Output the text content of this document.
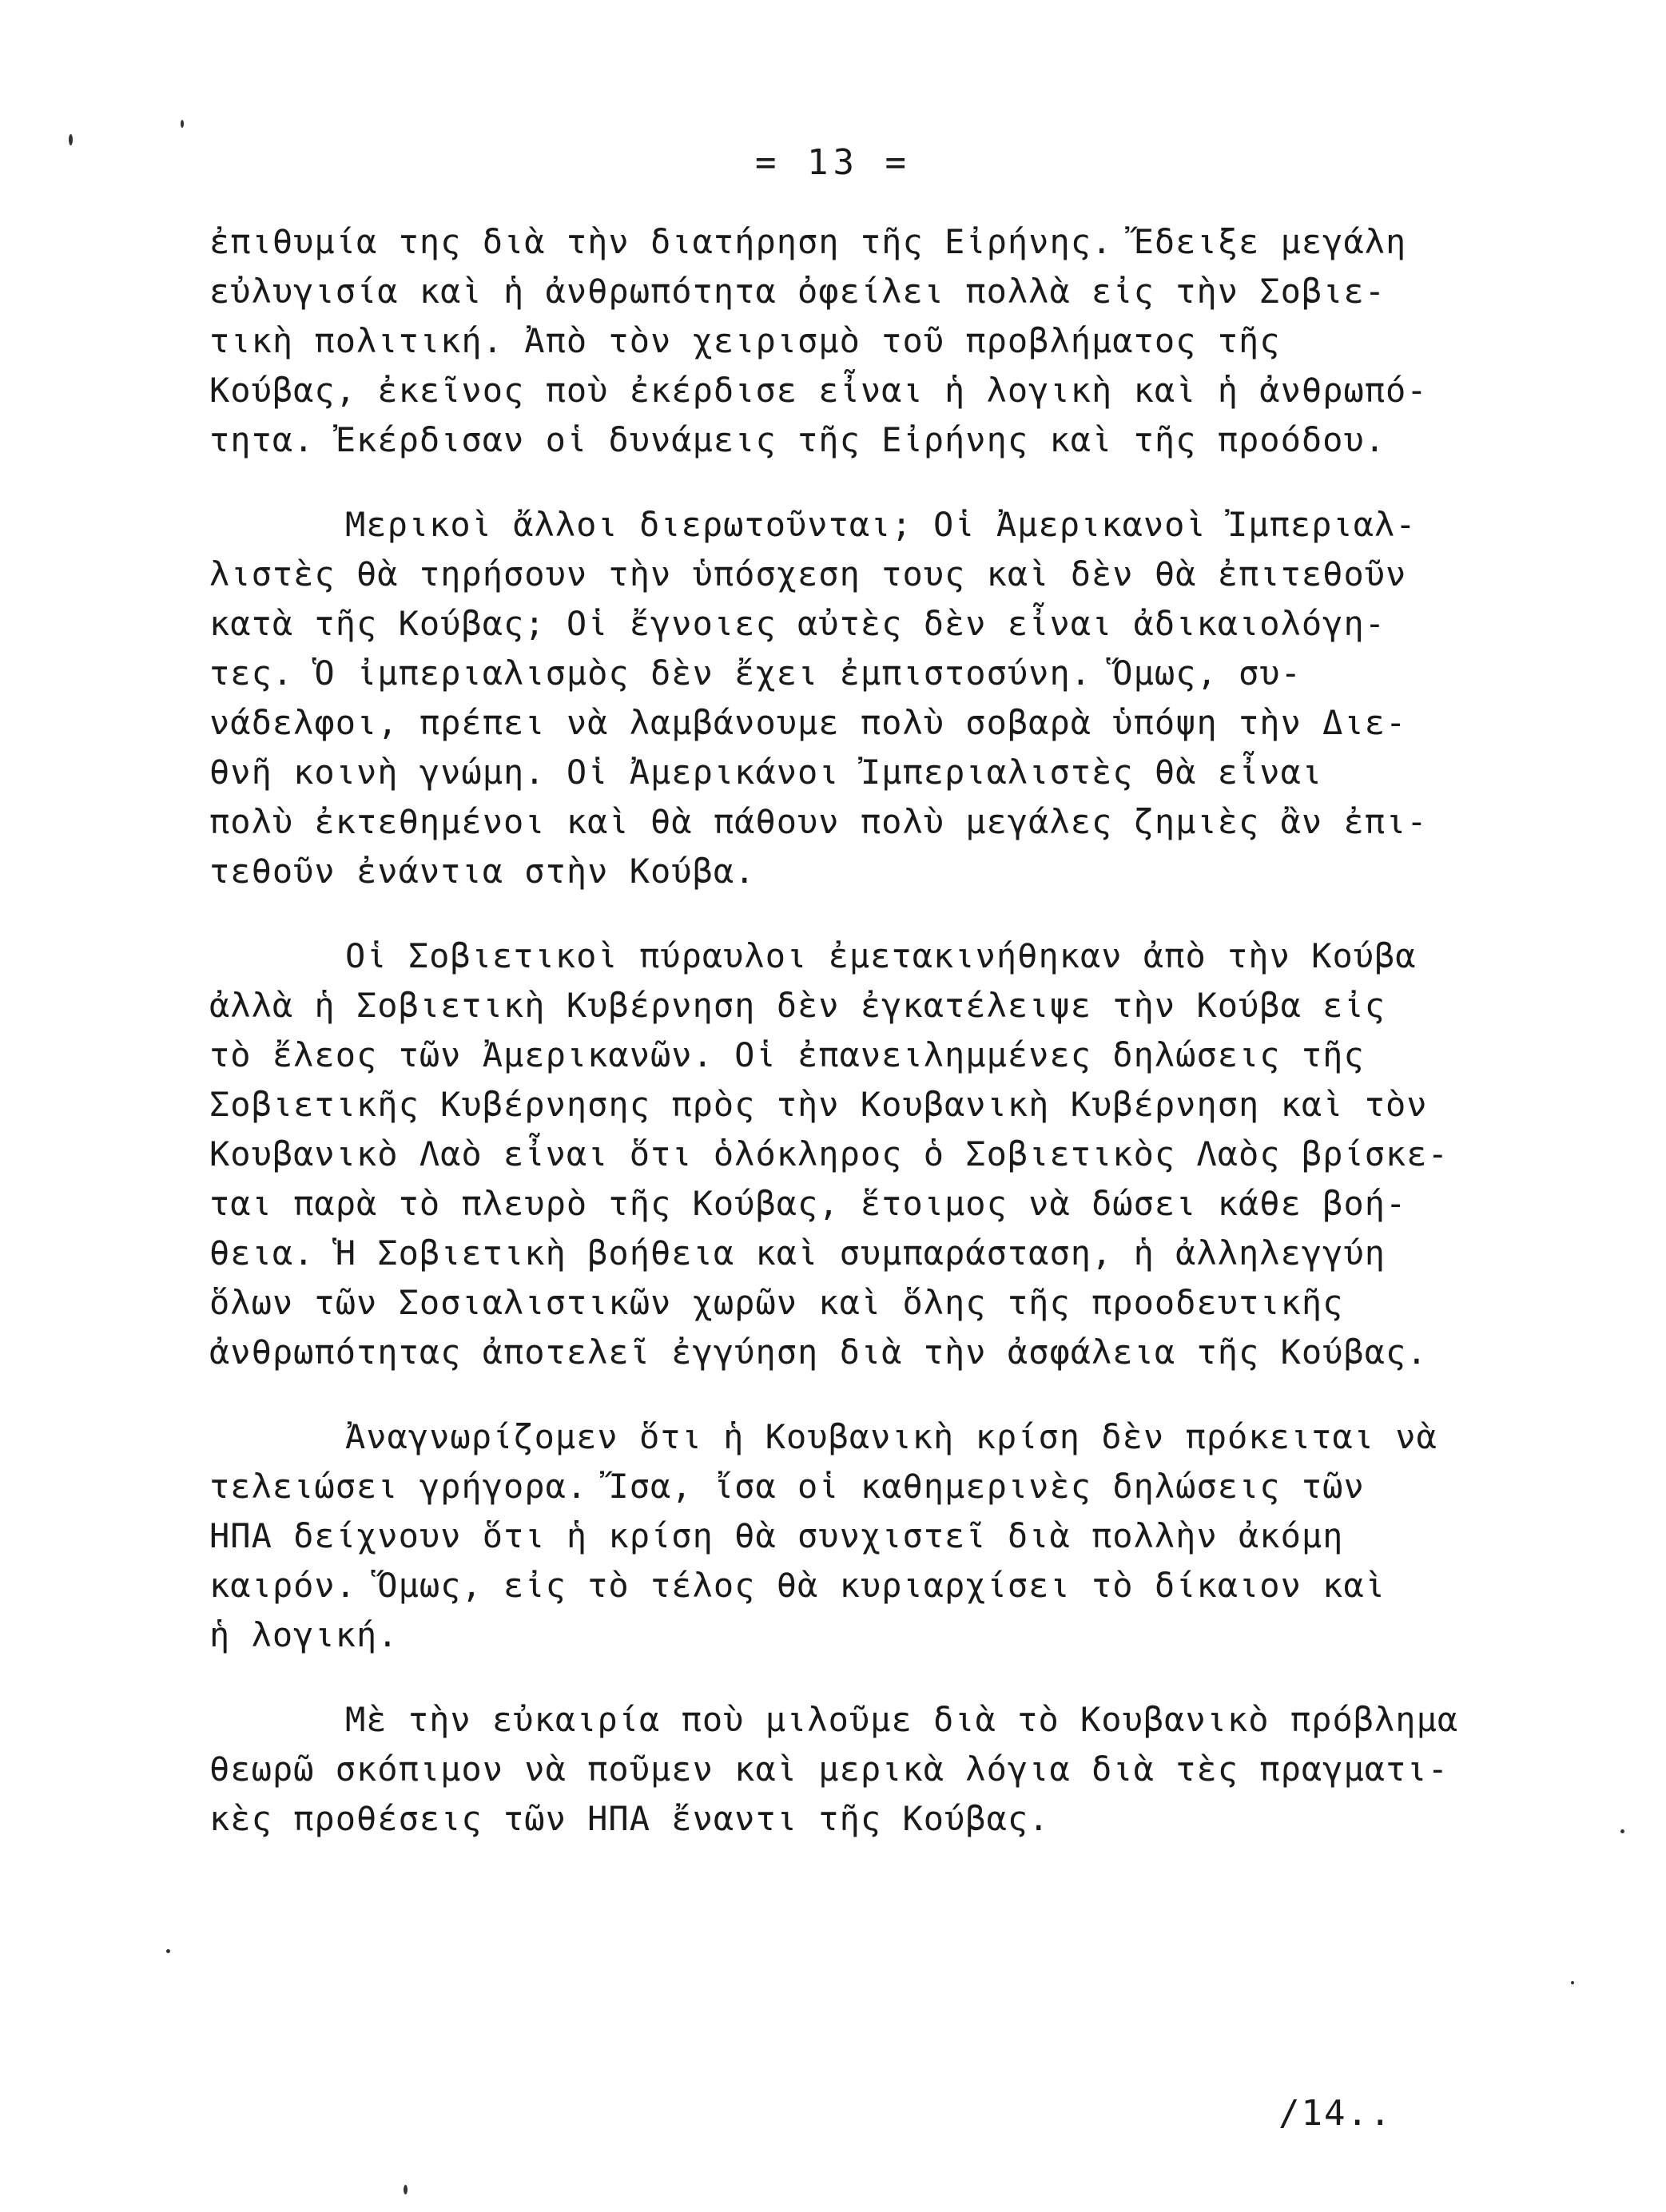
= 13 =
ἐπιθυμία της διὰ τὴν διατήρηση τῆς Εἰρήνης. Ἔδειξε μεγάλη
εὐλυγισία καὶ ἡ ἀνθρωπότητα ὀφείλει πολλὰ εἰς τὴν Σοβιε-
τικὴ πολιτική. Ἀπὸ τὸν χειρισμὸ τοῦ προβλήματος τῆς
Κούβας, ἐκεῖνος ποὺ ἐκέρδισε εἶναι ἡ λογικὴ καὶ ἡ ἀνθρωπό-
τητα. Ἐκέρδισαν οἱ δυνάμεις τῆς Εἰρήνης καὶ τῆς προόδου.
Μερικοὶ ἄλλοι διερωτοῦνται; Οἱ Ἀμερικανοὶ Ἰμπεριαλ-
λιστὲς θὰ τηρήσουν τὴν ὑπόσχεση τους καὶ δὲν θὰ ἐπιτεθοῦν
κατὰ τῆς Κούβας; Οἱ ἔγνοιες αὐτὲς δὲν εἶναι ἀδικαιολόγη-
τες. Ὁ ἰμπεριαλισμὸς δὲν ἔχει ἐμπιστοσύνη. Ὅμως, συ-
νάδελφοι, πρέπει νὰ λαμβάνουμε πολὺ σοβαρὰ ὑπόψη τὴν Διε-
θνῆ κοινὴ γνώμη. Οἱ Ἀμερικάνοι Ἰμπεριαλιστὲς θὰ εἶναι
πολὺ ἐκτεθημένοι καὶ θὰ πάθουν πολὺ μεγάλες ζημιὲς ἂν ἐπι-
τεθοῦν ἐνάντια στὴν Κούβα.
Οἱ Σοβιετικοὶ πύραυλοι ἐμετακινήθηκαν ἀπὸ τὴν Κούβα
ἀλλὰ ἡ Σοβιετικὴ Κυβέρνηση δὲν ἐγκατέλειψε τὴν Κούβα εἰς
τὸ ἔλεος τῶν Ἀμερικανῶν. Οἱ ἐπανειλημμένες δηλώσεις τῆς
Σοβιετικῆς Κυβέρνησης πρὸς τὴν Κουβανικὴ Κυβέρνηση καὶ τὸν
Κουβανικὸ Λαὸ εἶναι ὅτι ὁλόκληρος ὁ Σοβιετικὸς Λαὸς βρίσκε-
ται παρὰ τὸ πλευρὸ τῆς Κούβας, ἕτοιμος νὰ δώσει κάθε βοή-
θεια. Ἡ Σοβιετικὴ βοήθεια καὶ συμπαράσταση, ἡ ἀλληλεγγύη
ὅλων τῶν Σοσιαλιστικῶν χωρῶν καὶ ὅλης τῆς προοδευτικῆς
ἀνθρωπότητας ἀποτελεῖ ἐγγύηση διὰ τὴν ἀσφάλεια τῆς Κούβας.
Ἀναγνωρίζομεν ὅτι ἡ Κουβανικὴ κρίση δὲν πρόκειται νὰ
τελειώσει γρήγορα. Ἴσα, ἴσα οἱ καθημερινὲς δηλώσεις τῶν
ΗΠΑ δείχνουν ὅτι ἡ κρίση θὰ συνχιστεῖ διὰ πολλὴν ἀκόμη
καιρόν. Ὅμως, εἰς τὸ τέλος θὰ κυριαρχίσει τὸ δίκαιον καὶ
ἡ λογική.
Μὲ τὴν εὐκαιρία ποὺ μιλοῦμε διὰ τὸ Κουβανικὸ πρόβλημα
θεωρῶ σκόπιμον νὰ ποῦμεν καὶ μερικὰ λόγια διὰ τὲς πραγματι-
κὲς προθέσεις τῶν ΗΠΑ ἔναντι τῆς Κούβας.
/14..
